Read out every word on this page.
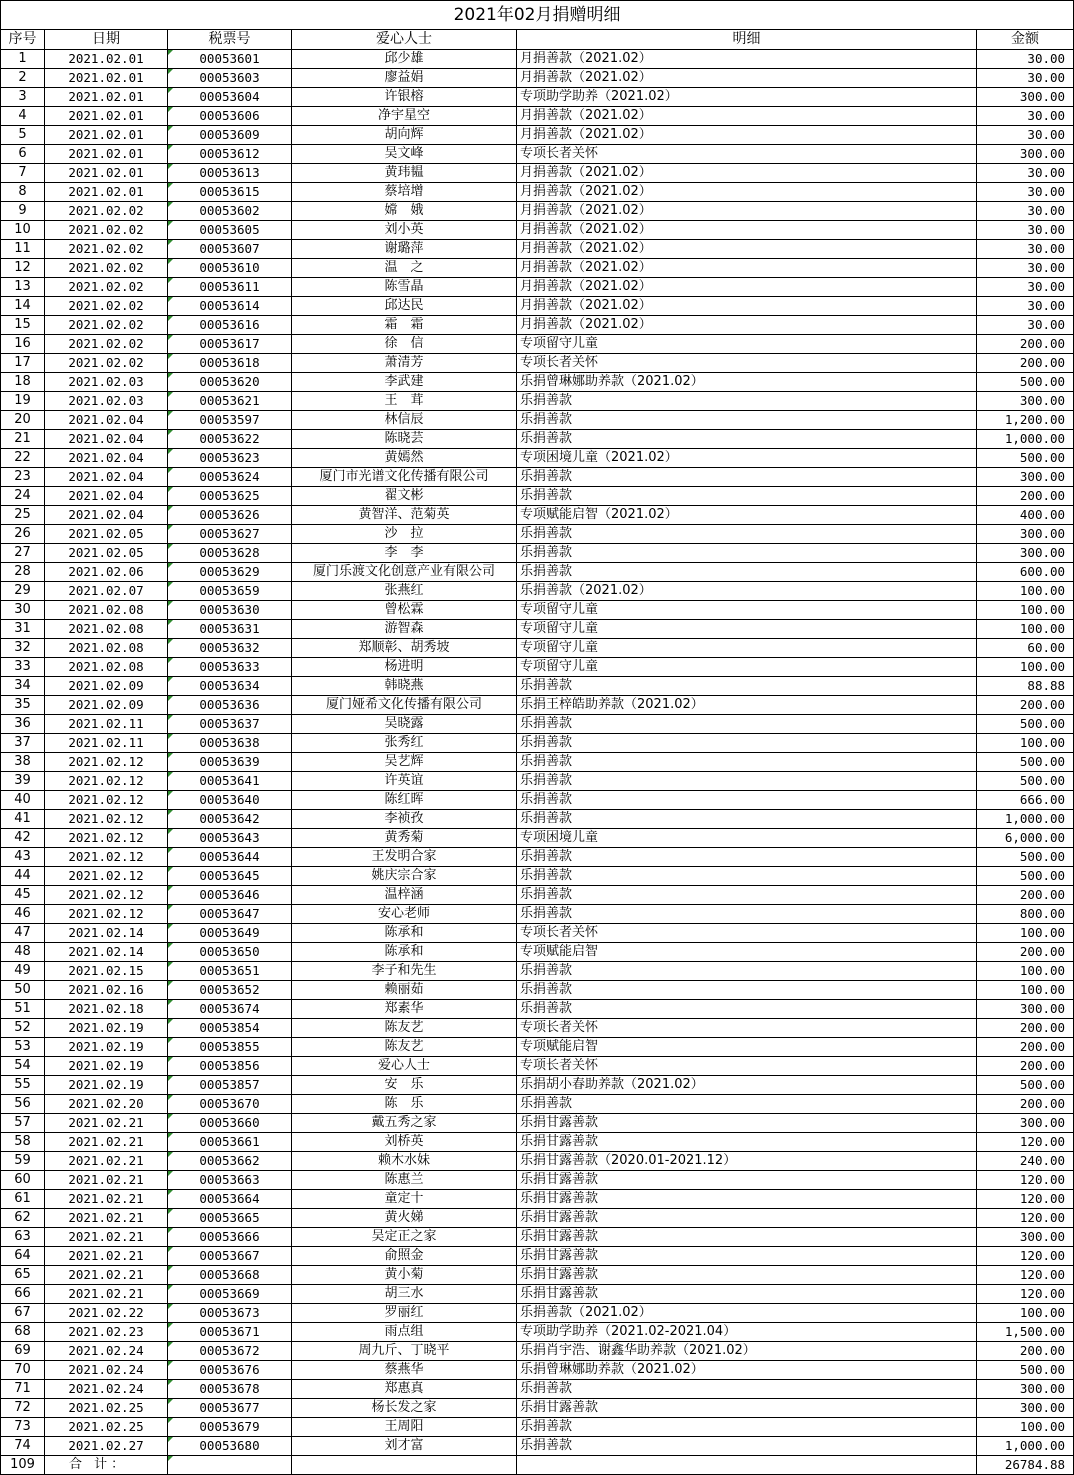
2021年02月捐赠明细					
序号	日期	税票号	爱心人士	明细	金额
1	2021.02.01	00053601	邱少雄	月捐善款（2021.02）	30.00
2	2021.02.01	00053603	廖益娟	月捐善款（2021.02）	30.00
3	2021.02.01	00053604	许银榕	专项助学助养（2021.02）	300.00
4	2021.02.01	00053606	净宇星空	月捐善款（2021.02）	30.00
5	2021.02.01	00053609	胡向辉	月捐善款（2021.02）	30.00
6	2021.02.01	00053612	吴文峰	专项长者关怀	300.00
7	2021.02.01	00053613	黄玮韫	月捐善款（2021.02）	30.00
8	2021.02.01	00053615	蔡培增	月捐善款（2021.02）	30.00
9	2021.02.02	00053602	嫦　娥	月捐善款（2021.02）	30.00
10	2021.02.02	00053605	刘小英	月捐善款（2021.02）	30.00
11	2021.02.02	00053607	谢璐萍	月捐善款（2021.02）	30.00
12	2021.02.02	00053610	温　之	月捐善款（2021.02）	30.00
13	2021.02.02	00053611	陈雪晶	月捐善款（2021.02）	30.00
14	2021.02.02	00053614	邱达民	月捐善款（2021.02）	30.00
15	2021.02.02	00053616	霜　霜	月捐善款（2021.02）	30.00
16	2021.02.02	00053617	徐　信	专项留守儿童	200.00
17	2021.02.02	00053618	萧清芳	专项长者关怀	200.00
18	2021.02.03	00053620	李武建	乐捐曾琳娜助养款（2021.02）	500.00
19	2021.02.03	00053621	王　茸	乐捐善款	300.00
20	2021.02.04	00053597	林信辰	乐捐善款	1,200.00
21	2021.02.04	00053622	陈晓芸	乐捐善款	1,000.00
22	2021.02.04	00053623	黄嫣然	专项困境儿童（2021.02）	500.00
23	2021.02.04	00053624	厦门市光谱文化传播有限公司	乐捐善款	300.00
24	2021.02.04	00053625	翟文彬	乐捐善款	200.00
25	2021.02.04	00053626	黄智洋、范菊英	专项赋能启智（2021.02）	400.00
26	2021.02.05	00053627	沙　拉	乐捐善款	300.00
27	2021.02.05	00053628	李　李	乐捐善款	300.00
28	2021.02.06	00053629	厦门乐渡文化创意产业有限公司	乐捐善款	600.00
29	2021.02.07	00053659	张燕红	乐捐善款（2021.02）	100.00
30	2021.02.08	00053630	曾松霖	专项留守儿童	100.00
31	2021.02.08	00053631	游智森	专项留守儿童	100.00
32	2021.02.08	00053632	郑顺彰、胡秀坡	专项留守儿童	60.00
33	2021.02.08	00053633	杨进明	专项留守儿童	100.00
34	2021.02.09	00053634	韩晓燕	乐捐善款	88.88
35	2021.02.09	00053636	厦门娅希文化传播有限公司	乐捐王梓皓助养款（2021.02）	200.00
36	2021.02.11	00053637	吴晓露	乐捐善款	500.00
37	2021.02.11	00053638	张秀红	乐捐善款	100.00
38	2021.02.12	00053639	吴艺辉	乐捐善款	500.00
39	2021.02.12	00053641	许英谊	乐捐善款	500.00
40	2021.02.12	00053640	陈红晖	乐捐善款	666.00
41	2021.02.12	00053642	李祯孜	乐捐善款	1,000.00
42	2021.02.12	00053643	黄秀菊	专项困境儿童	6,000.00
43	2021.02.12	00053644	王发明合家	乐捐善款	500.00
44	2021.02.12	00053645	姚庆宗合家	乐捐善款	500.00
45	2021.02.12	00053646	温梓涵	乐捐善款	200.00
46	2021.02.12	00053647	安心老师	乐捐善款	800.00
47	2021.02.14	00053649	陈承和	专项长者关怀	100.00
48	2021.02.14	00053650	陈承和	专项赋能启智	200.00
49	2021.02.15	00053651	李子和先生	乐捐善款	100.00
50	2021.02.16	00053652	赖丽茹	乐捐善款	100.00
51	2021.02.18	00053674	郑素华	乐捐善款	300.00
52	2021.02.19	00053854	陈友艺	专项长者关怀	200.00
53	2021.02.19	00053855	陈友艺	专项赋能启智	200.00
54	2021.02.19	00053856	爱心人士	专项长者关怀	200.00
55	2021.02.19	00053857	安　乐	乐捐胡小春助养款（2021.02）	500.00
56	2021.02.20	00053670	陈　乐	乐捐善款	200.00
57	2021.02.21	00053660	戴五秀之家	乐捐甘露善款	300.00
58	2021.02.21	00053661	刘桥英	乐捐甘露善款	120.00
59	2021.02.21	00053662	赖木水妹	乐捐甘露善款（2020.01-2021.12）	240.00
60	2021.02.21	00053663	陈惠兰	乐捐甘露善款	120.00
61	2021.02.21	00053664	童定十	乐捐甘露善款	120.00
62	2021.02.21	00053665	黄火娣	乐捐甘露善款	120.00
63	2021.02.21	00053666	吴定正之家	乐捐甘露善款	300.00
64	2021.02.21	00053667	俞照金	乐捐甘露善款	120.00
65	2021.02.21	00053668	黄小菊	乐捐甘露善款	120.00
66	2021.02.21	00053669	胡三水	乐捐甘露善款	120.00
67	2021.02.22	00053673	罗丽红	乐捐善款（2021.02）	100.00
68	2021.02.23	00053671	雨点组	专项助学助养（2021.02-2021.04）	1,500.00
69	2021.02.24	00053672	周九斤、丁晓平	乐捐肖宇浩、谢鑫华助养款（2021.02）	200.00
70	2021.02.24	00053676	蔡燕华	乐捐曾琳娜助养款（2021.02）	500.00
71	2021.02.24	00053678	郑惠真	乐捐善款	300.00
72	2021.02.25	00053677	杨长发之家	乐捐甘露善款	300.00
73	2021.02.25	00053679	王周阳	乐捐善款	100.00
74	2021.02.27	00053680	刘才富	乐捐善款	1,000.00
109	合 计：				26784.88
